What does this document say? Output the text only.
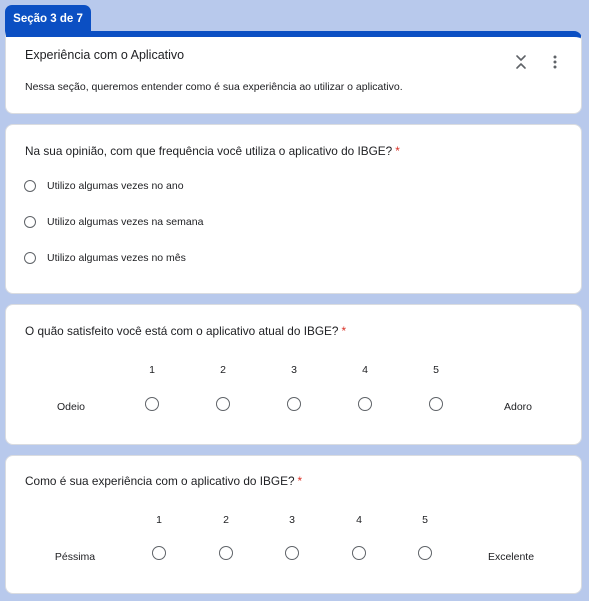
Seção 3 de 7
Experiência com o Aplicativo
Nessa seção, queremos entender como é sua experiência ao utilizar o aplicativo.
Na sua opinião, com que frequência você utiliza o aplicativo do IBGE? *
Utilizo algumas vezes no ano
Utilizo algumas vezes na semana
Utilizo algumas vezes no mês
O quão satisfeito você está com o aplicativo atual do IBGE? *
1	2	3	4	5
Odeio	Adoro
Como é sua experiência com o aplicativo do IBGE? *
1	2	3	4	5
Péssima	Excelente
